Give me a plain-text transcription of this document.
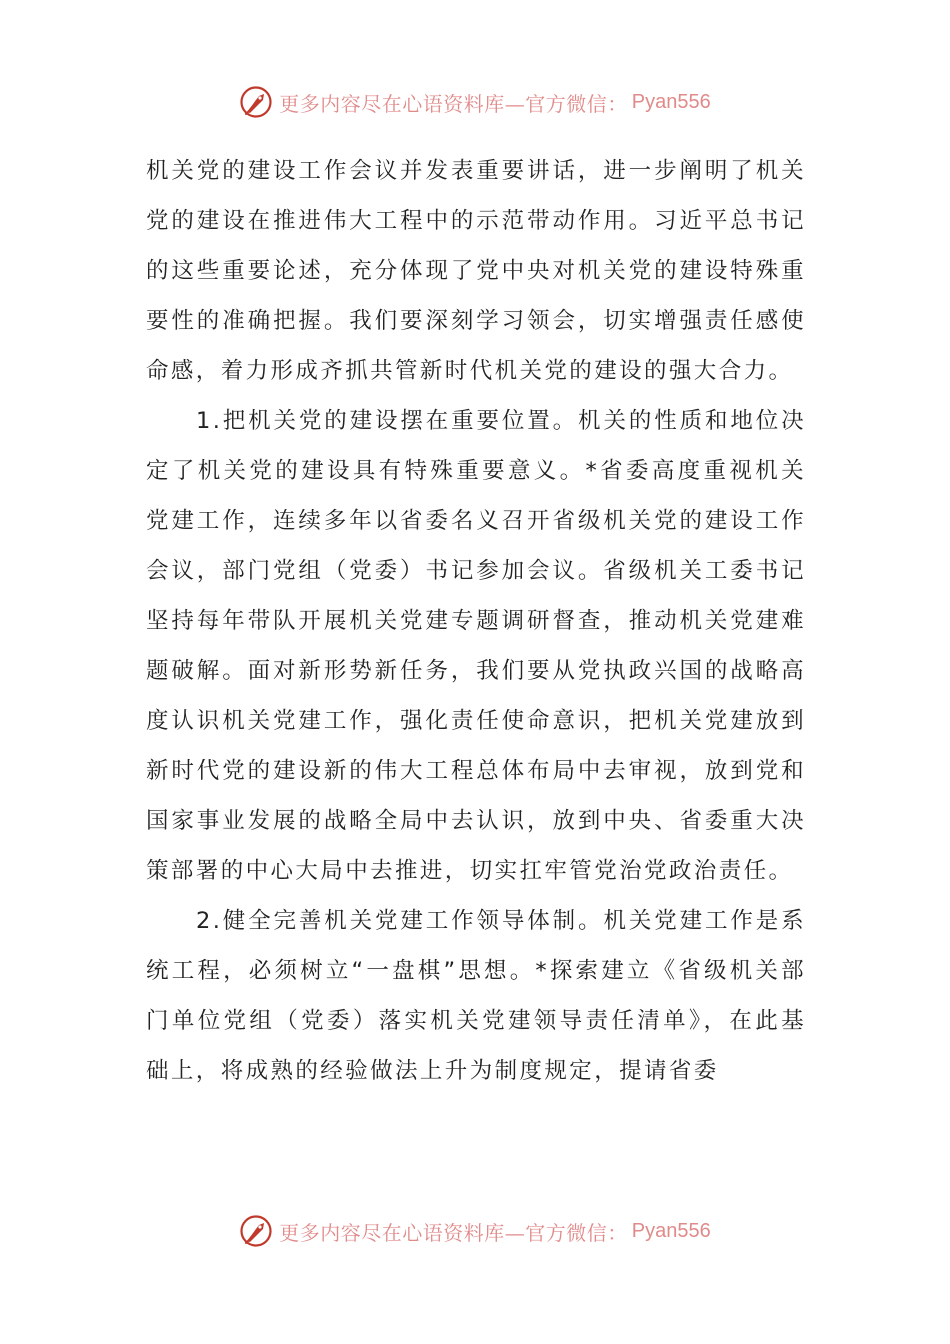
更多内容尽在心语资料库—官方微信： Pyan556

机关党的建设工作会议并发表重要讲话，进一步阐明了机关党的建设在推进伟大工程中的示范带动作用。习近平总书记的这些重要论述，充分体现了党中央对机关党的建设特殊重要性的准确把握。我们要深刻学习领会，切实增强责任感使命感，着力形成齐抓共管新时代机关党的建设的强大合力。

1.把机关党的建设摆在重要位置。机关的性质和地位决定了机关党的建设具有特殊重要意义。*省委高度重视机关党建工作，连续多年以省委名义召开省级机关党的建设工作会议，部门党组（党委）书记参加会议。省级机关工委书记坚持每年带队开展机关党建专题调研督查，推动机关党建难题破解。面对新形势新任务，我们要从党执政兴国的战略高度认识机关党建工作，强化责任使命意识，把机关党建放到新时代党的建设新的伟大工程总体布局中去审视，放到党和国家事业发展的战略全局中去认识，放到中央、省委重大决策部署的中心大局中去推进，切实扛牢管党治党政治责任。

2.健全完善机关党建工作领导体制。机关党建工作是系统工程，必须树立“一盘棋”思想。*探索建立《省级机关部门单位党组（党委）落实机关党建领导责任清单》，在此基础上，将成熟的经验做法上升为制度规定，提请省委

更多内容尽在心语资料库—官方微信： Pyan556
